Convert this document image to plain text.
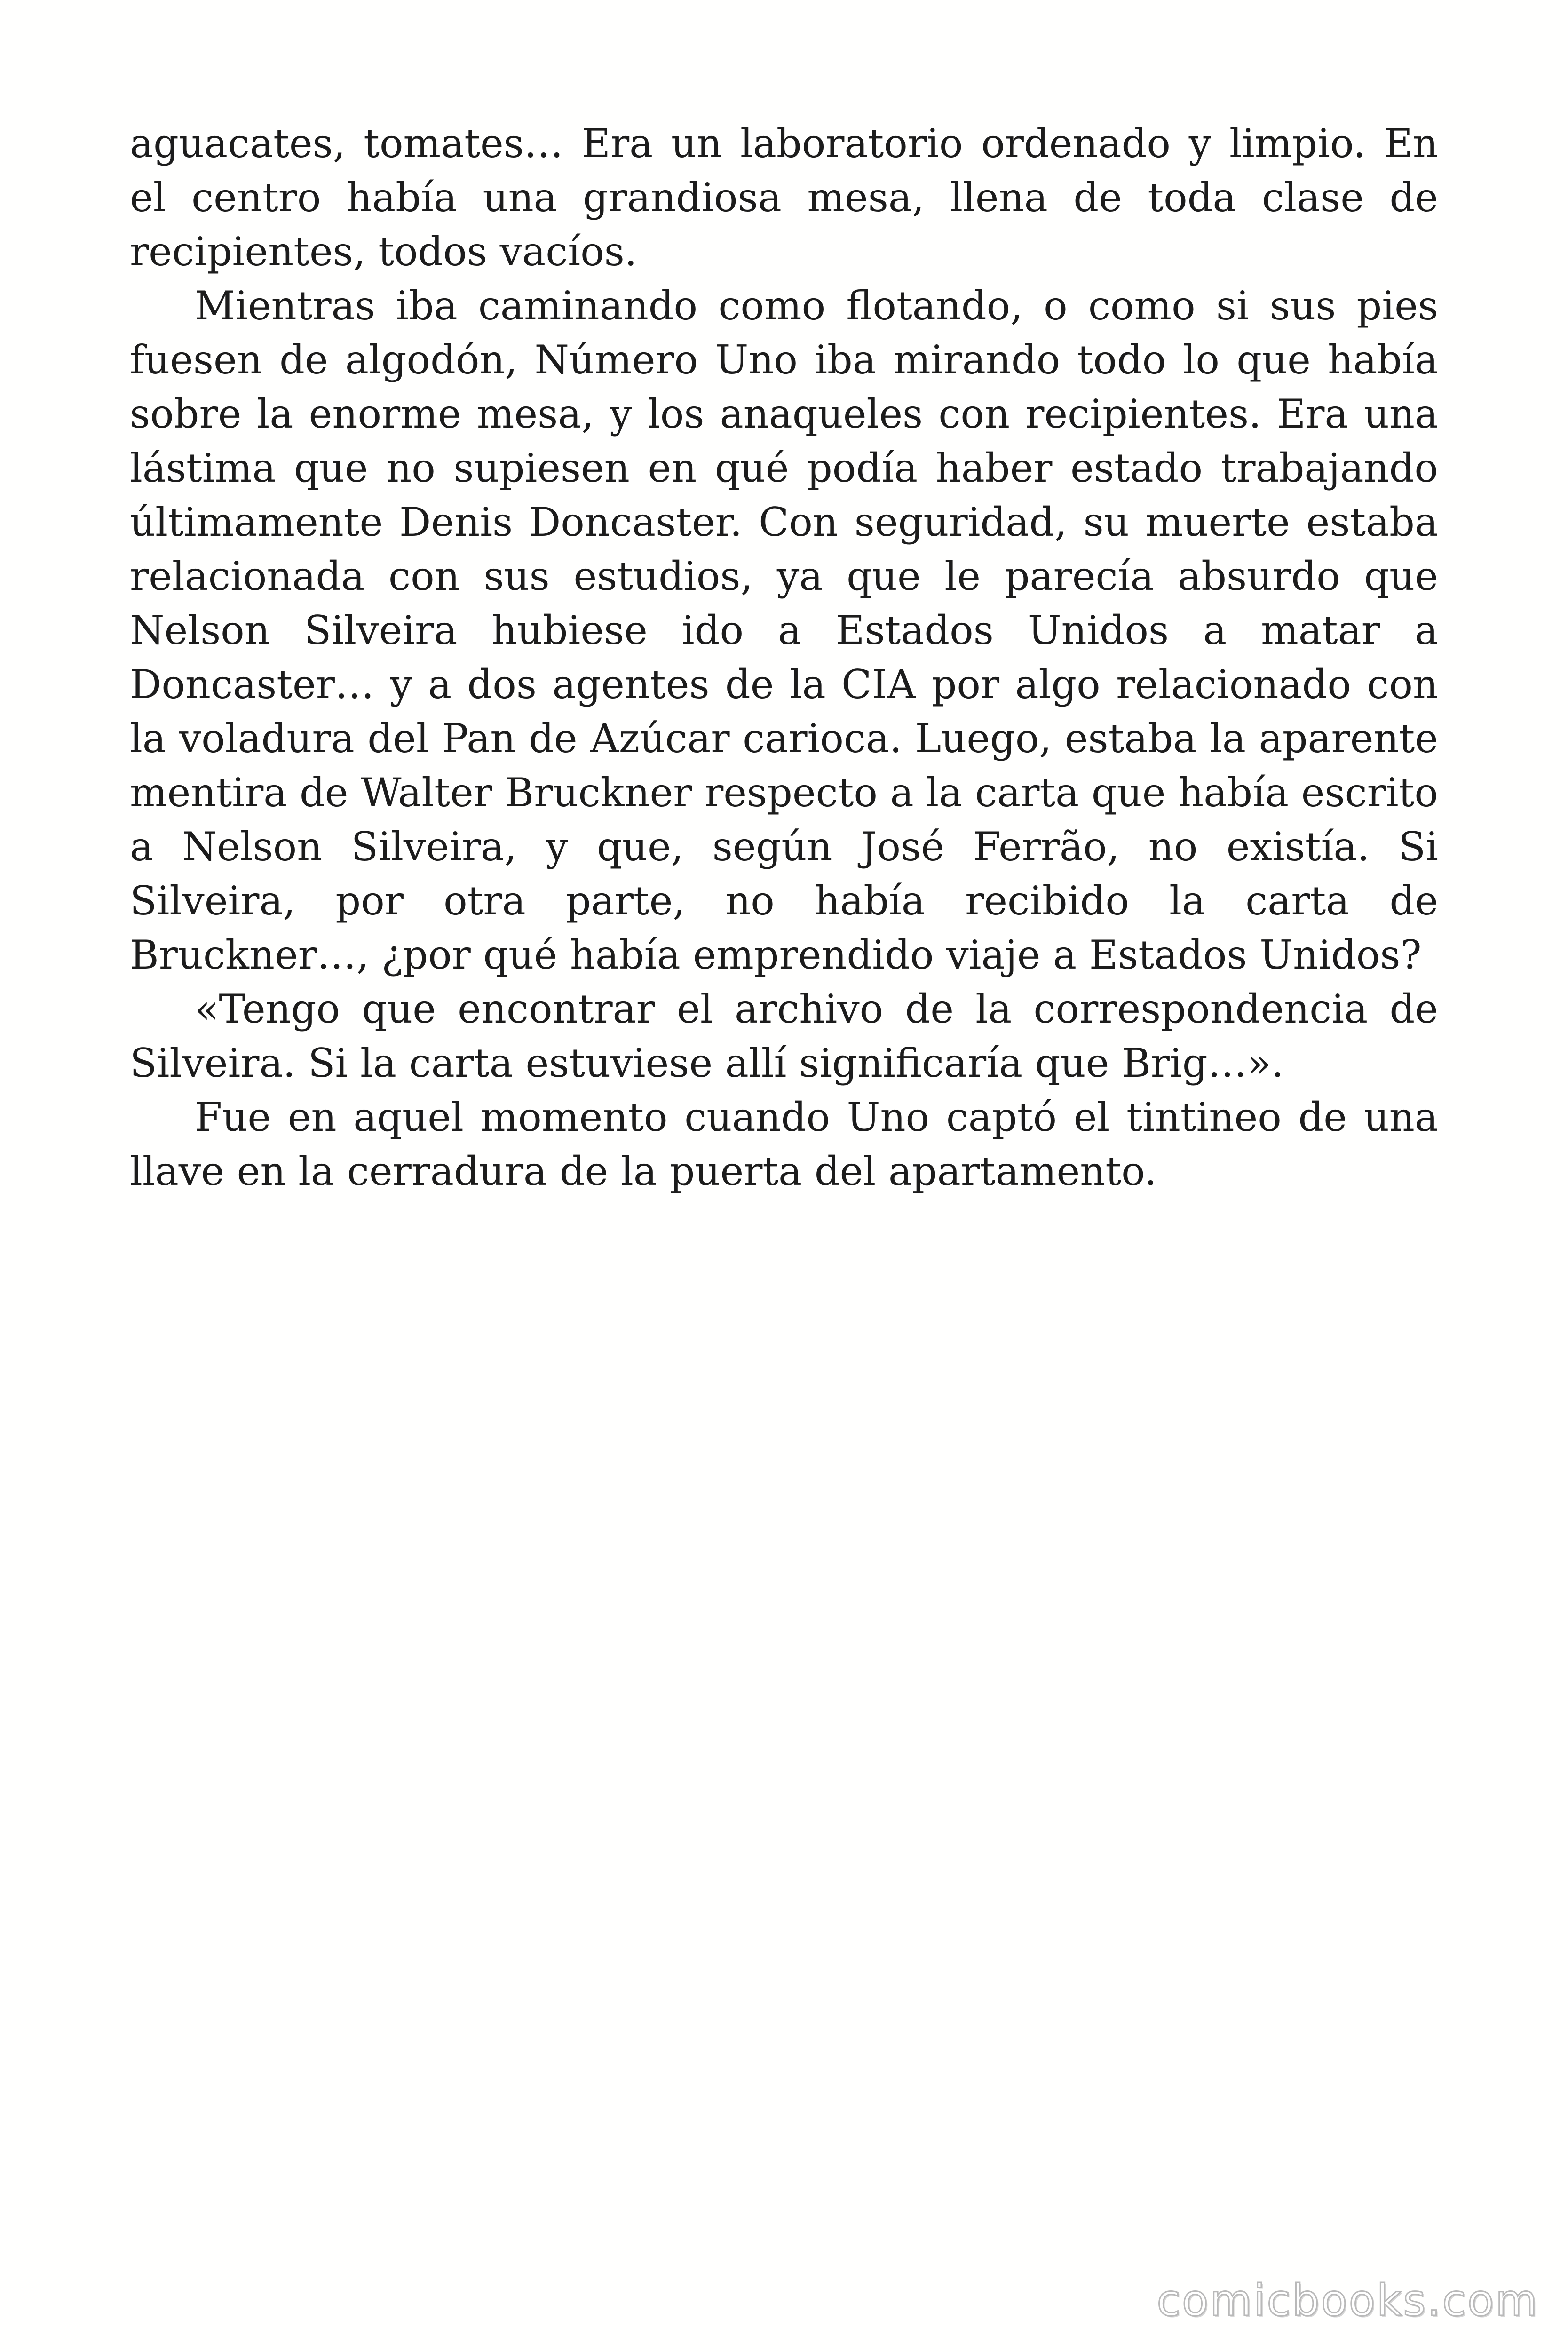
aguacates, tomates… Era un laboratorio ordenado y limpio. En el centro había una grandiosa mesa, llena de toda clase de recipientes, todos vacíos.

Mientras iba caminando como flotando, o como si sus pies fuesen de algodón, Número Uno iba mirando todo lo que había sobre la enorme mesa, y los anaqueles con recipientes. Era una lástima que no supiesen en qué podía haber estado trabajando últimamente Denis Doncaster. Con seguridad, su muerte estaba relacionada con sus estudios, ya que le parecía absurdo que Nelson Silveira hubiese ido a Estados Unidos a matar a Doncaster… y a dos agentes de la CIA por algo relacionado con la voladura del Pan de Azúcar carioca. Luego, estaba la aparente mentira de Walter Bruckner respecto a la carta que había escrito a Nelson Silveira, y que, según José Ferrão, no existía. Si Silveira, por otra parte, no había recibido la carta de Bruckner…, ¿por qué había emprendido viaje a Estados Unidos?

«Tengo que encontrar el archivo de la correspondencia de Silveira. Si la carta estuviese allí significaría que Brig…».

Fue en aquel momento cuando Uno captó el tintineo de una llave en la cerradura de la puerta del apartamento.

comicbooks.com
